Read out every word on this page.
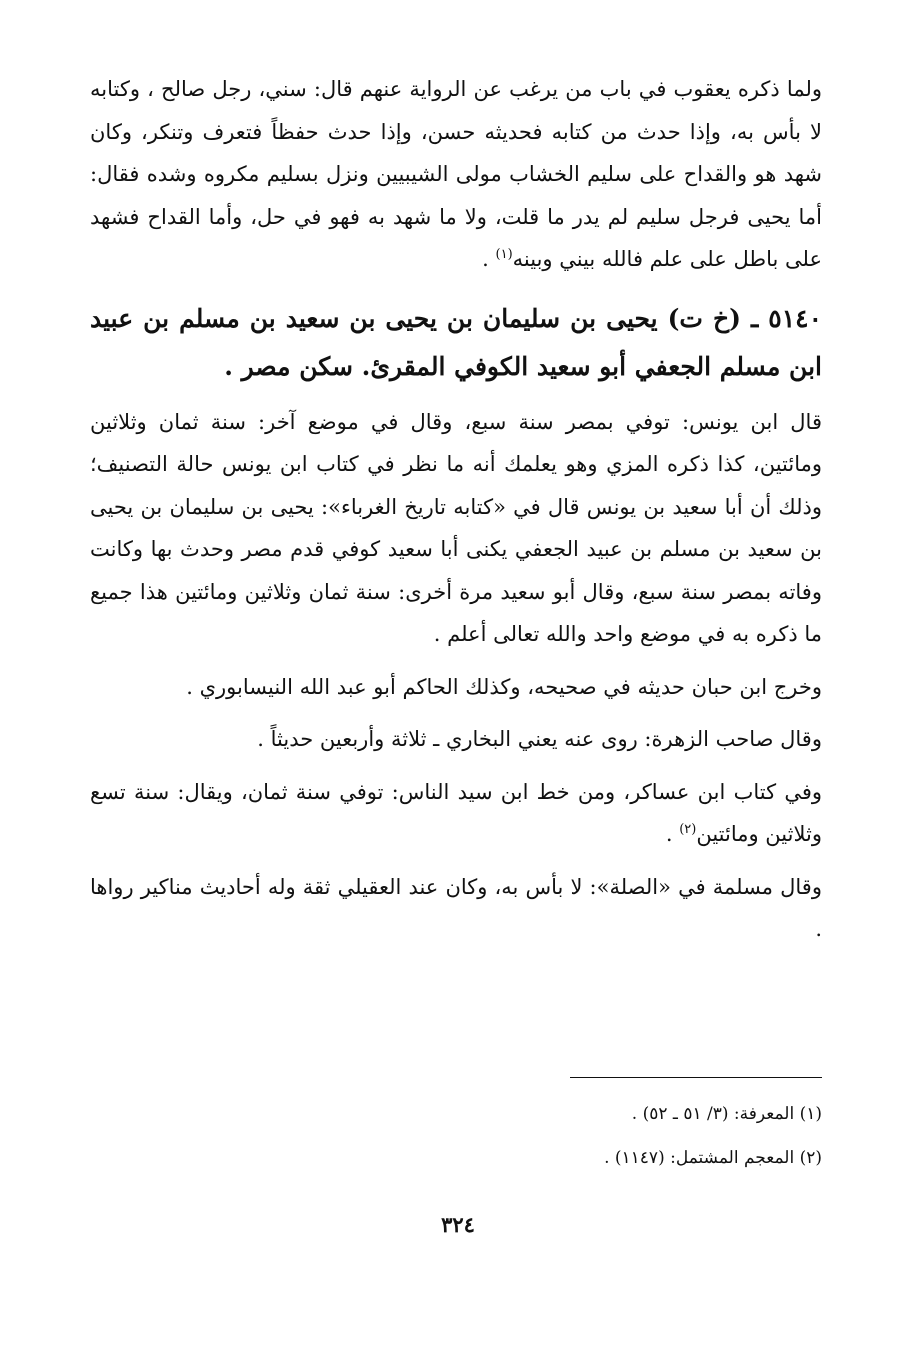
ولما ذكره يعقوب في باب من يرغب عن الرواية عنهم قال: سني، رجل صالح ، وكتابه لا بأس به، وإذا حدث من كتابه فحديثه حسن، وإذا حدث حفظاً فتعرف وتنكر، وكان شهد هو والقداح على سليم الخشاب مولى الشيبيين ونزل بسليم مكروه وشده فقال: أما يحيى فرجل سليم لم يدر ما قلت، ولا ما شهد به فهو في حل، وأما القداح فشهد على باطل على علم فالله بيني وبينه$^{(١)}$ .

٥١٤٠ ـ (خ ت) يحيى بن سليمان بن يحيى بن سعيد بن مسلم بن عبيد ابن مسلم الجعفي أبو سعيد الكوفي المقرئ. سكن مصر .

قال ابن يونس: توفي بمصر سنة سبع، وقال في موضع آخر: سنة ثمان وثلاثين ومائتين، كذا ذكره المزي وهو يعلمك أنه ما نظر في كتاب ابن يونس حالة التصنيف؛ وذلك أن أبا سعيد بن يونس قال في «كتابه تاريخ الغرباء»: يحيى بن سليمان بن يحيى بن سعيد بن مسلم بن عبيد الجعفي يكنى أبا سعيد كوفي قدم مصر وحدث بها وكانت وفاته بمصر سنة سبع، وقال أبو سعيد مرة أخرى: سنة ثمان وثلاثين ومائتين هذا جميع ما ذكره به في موضع واحد والله تعالى أعلم .

وخرج ابن حبان حديثه في صحيحه، وكذلك الحاكم أبو عبد الله النيسابوري .

وقال صاحب الزهرة: روى عنه يعني البخاري ـ ثلاثة وأربعين حديثاً .

وفي كتاب ابن عساكر، ومن خط ابن سيد الناس: توفي سنة ثمان، ويقال: سنة تسع وثلاثين ومائتين$^{(٢)}$ .

وقال مسلمة في «الصلة»: لا بأس به، وكان عند العقيلي ثقة وله أحاديث مناكير رواها .

(١) المعرفة: (٣/ ٥١ ـ ٥٢) .

(٢) المعجم المشتمل: (١١٤٧) .

٣٢٤
